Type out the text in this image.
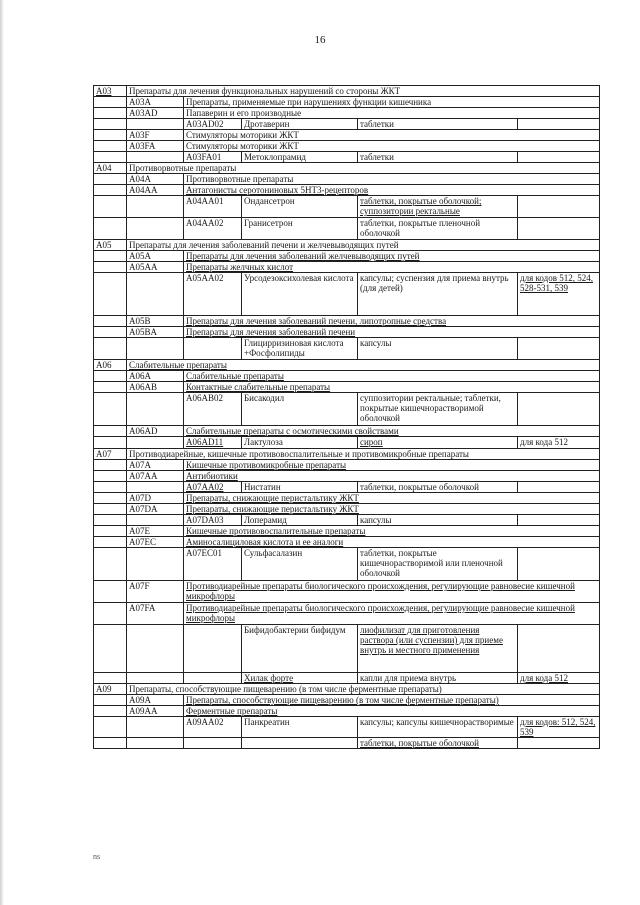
16
A03	Препараты для лечения функциональных нарушений со стороны ЖКТ				
	A03A	Препараты, применяемые при нарушениях функции кишечника			
	A03AD	Папаверин и его производные			
		A03AD02	Дротаверин	таблетки	
	A03F	Стимуляторы моторики ЖКТ			
	A03FA	Стимуляторы моторики ЖКТ			
		A03FA01	Метоклопрамид	таблетки	
A04	Противорвотные препараты				
	A04A	Противорвотные препараты			
	A04AA	Антагонисты серотониновых 5HT3-рецепторов			
		A04AA01	Ондансетрон	таблетки, покрытые оболочкой; суппозитории ректальные	
		A04AA02	Гранисетрон	таблетки, покрытые пленочной оболочкой	
A05	Препараты для лечения заболеваний печени и желчевыводящих путей				
	A05A	Препараты для лечения заболеваний желчевыводящих путей			
	A05AA	Препараты желчных кислот			
		A05AA02	Урсодезоксихолевая кислота	капсулы; суспензия для приема внутрь (для детей)	для кодов 512, 524, 528-531, 539
	A05B	Препараты для лечения заболеваний печени, липотропные средства			
	A05BA	Препараты для лечения заболеваний печени			
			Глицирризиновая кислота +Фосфолипиды	капсулы	
A06	Слабительные препараты				
	A06A	Слабительные препараты			
	A06AB	Контактные слабительные препараты			
		A06AB02	Бисакодил	суппозитории ректальные; таблетки, покрытые кишечнорастворимой оболочкой	
	A06AD	Слабительные препараты с осмотическими свойствами			
		A06AD11	Лактулоза	сироп	для кода 512
A07	Противодиарейные, кишечные противовоспалительные и противомикробные препараты				
	A07A	Кишечные противомикробные препараты			
	A07AA	Антибиотики			
		A07AA02	Нистатин	таблетки, покрытые оболочкой	
	A07D	Препараты, снижающие перистальтику ЖКТ			
	A07DA	Препараты, снижающие перистальтику ЖКТ			
		A07DA03	Лоперамид	капсулы	
	A07E	Кишечные противовоспалительные препараты			
	A07EC	Аминосалициловая кислота и ее аналоги			
		A07EC01	Сульфасалазин	таблетки, покрытые кишечнорастворимой или пленочной оболочкой	
	A07F	Противодиарейные препараты биологического происхождения, регулирующие равновесие кишечной микрофлоры			
	A07FA	Противодиарейные препараты биологического происхождения, регулирующие равновесие кишечной микрофлоры			
			Бифидобактерии бифидум	лиофилизат для приготовления раствора (или суспензии) для приеме внутрь и местного применения	
			Хилак форте	капли для приема внутрь	для кода 512
A09	Препараты, способствующие пищеварению (в том числе ферментные препараты)				
	A09A	Препараты, способствующие пищеварению (в том числе ферментные препараты)			
	A09AA	Ферментные препараты			
		A09AA02	Панкреатин	капсулы; капсулы кишечнорастворимые	для кодов: 512, 524, 539
				таблетки, покрытые оболочкой	
ns
